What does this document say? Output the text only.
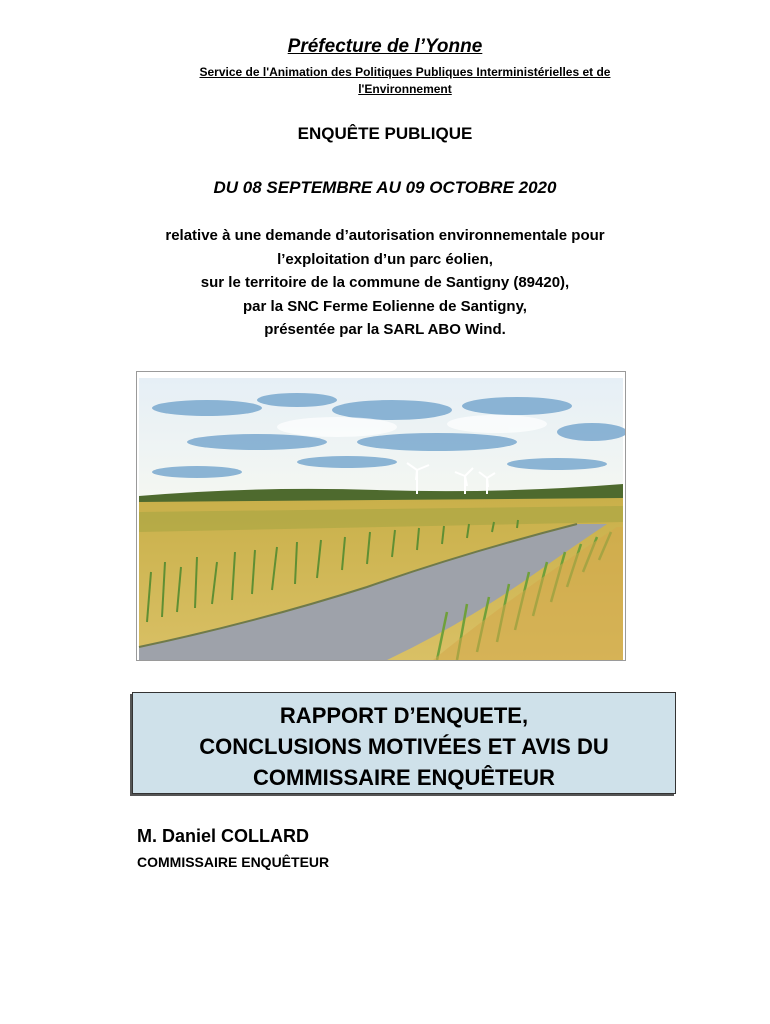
Préfecture de l’Yonne
Service de l'Animation des Politiques Publiques Interministérielles et de l'Environnement
ENQUÊTE PUBLIQUE
DU 08 SEPTEMBRE AU 09 OCTOBRE 2020
relative à une demande d’autorisation environnementale pour
l’exploitation d’un parc éolien,
sur le territoire de la commune de Santigny (89420),
par la SNC Ferme Eolienne de Santigny,
présentée par la SARL ABO Wind.
RAPPORT D’ENQUETE,
CONCLUSIONS MOTIVÉES ET AVIS DU
COMMISSAIRE ENQUÊTEUR
M. Daniel COLLARD
COMMISSAIRE ENQUÊTEUR
